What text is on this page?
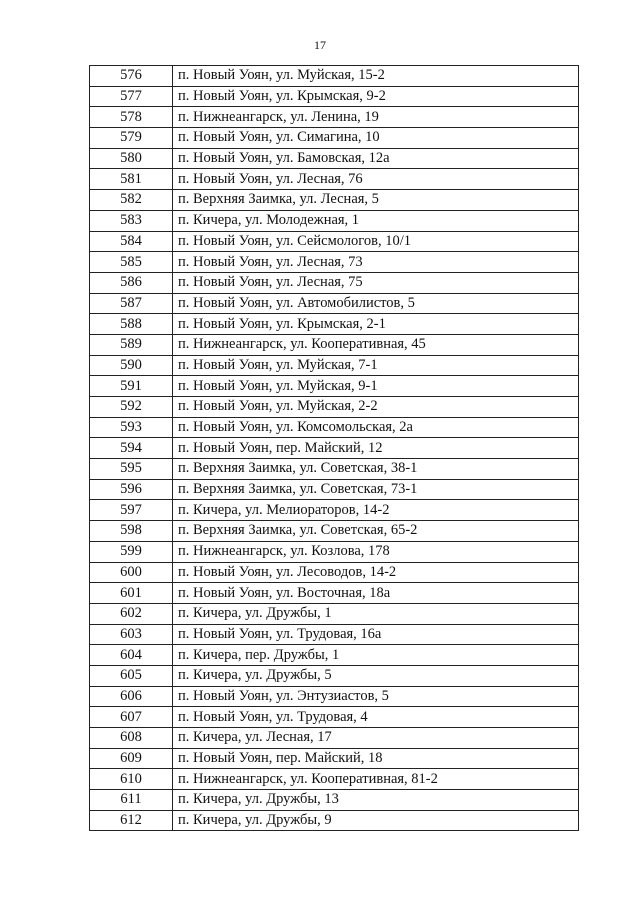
17
576	п. Новый Уоян, ул. Муйская, 15-2
577	п. Новый Уоян, ул. Крымская, 9-2
578	п. Нижнеангарск, ул. Ленина, 19
579	п. Новый Уоян, ул. Симагина, 10
580	п. Новый Уоян, ул. Бамовская, 12а
581	п. Новый Уоян, ул. Лесная, 76
582	п. Верхняя Заимка, ул. Лесная, 5
583	п. Кичера, ул. Молодежная, 1
584	п. Новый Уоян, ул. Сейсмологов, 10/1
585	п. Новый Уоян, ул. Лесная, 73
586	п. Новый Уоян, ул. Лесная, 75
587	п. Новый Уоян, ул. Автомобилистов, 5
588	п. Новый Уоян, ул. Крымская, 2-1
589	п. Нижнеангарск, ул. Кооперативная, 45
590	п. Новый Уоян, ул. Муйская, 7-1
591	п. Новый Уоян, ул. Муйская, 9-1
592	п. Новый Уоян, ул. Муйская, 2-2
593	п. Новый Уоян, ул. Комсомольская, 2а
594	п. Новый Уоян, пер. Майский, 12
595	п. Верхняя Заимка, ул. Советская, 38-1
596	п. Верхняя Заимка, ул. Советская, 73-1
597	п. Кичера, ул. Мелиораторов, 14-2
598	п. Верхняя Заимка, ул. Советская, 65-2
599	п. Нижнеангарск, ул. Козлова, 178
600	п. Новый Уоян, ул. Лесоводов, 14-2
601	п. Новый Уоян, ул. Восточная, 18а
602	п. Кичера, ул. Дружбы, 1
603	п. Новый Уоян, ул. Трудовая, 16а
604	п. Кичера, пер. Дружбы, 1
605	п. Кичера, ул. Дружбы, 5
606	п. Новый Уоян, ул. Энтузиастов, 5
607	п. Новый Уоян, ул. Трудовая, 4
608	п. Кичера, ул. Лесная, 17
609	п. Новый Уоян, пер. Майский, 18
610	п. Нижнеангарск, ул. Кооперативная, 81-2
611	п. Кичера, ул. Дружбы, 13
612	п. Кичера, ул. Дружбы, 9
